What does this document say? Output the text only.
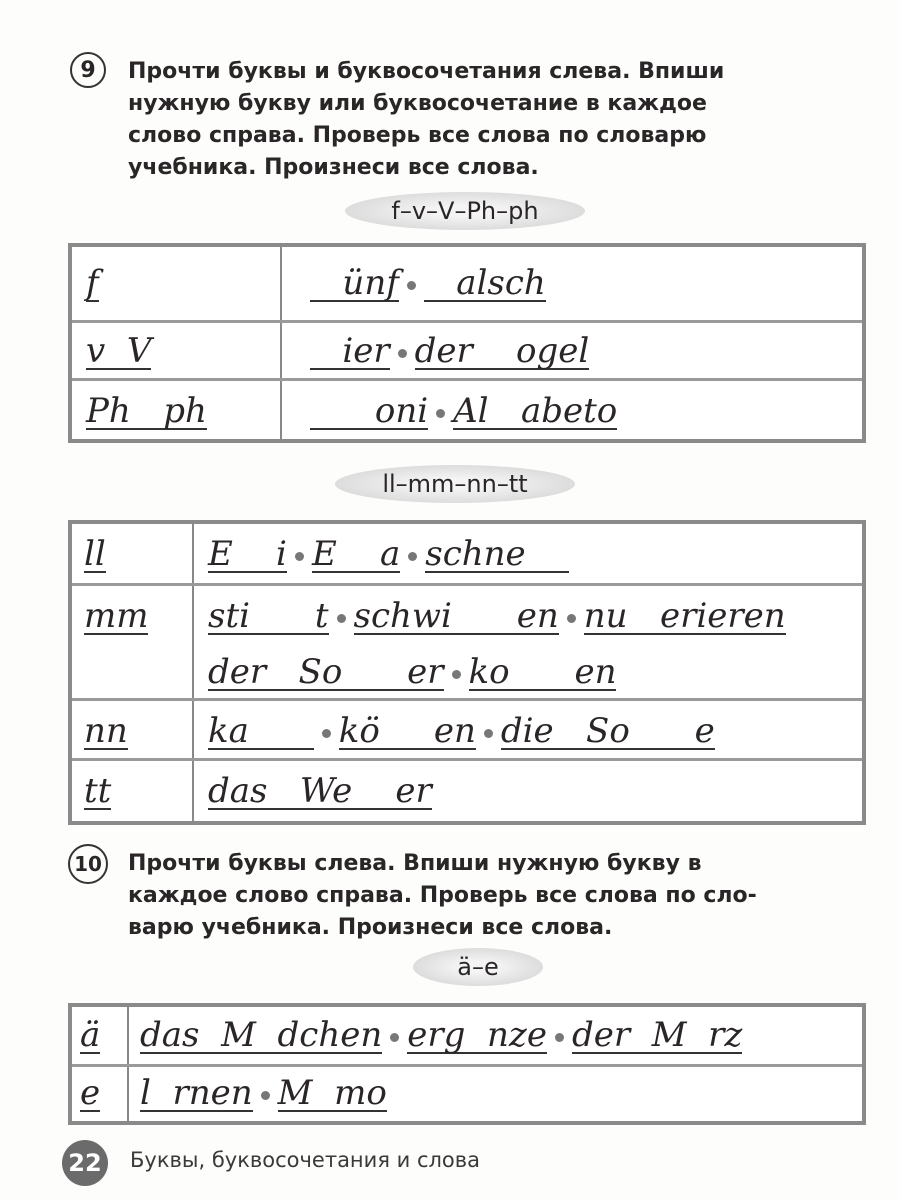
9	Прочти буквы и буквосочетания слева. Впиши
нужную букву или буквосочетание в каждое
слово справа. Проверь все слова по словарю
учебника. Произнеси все слова.
f–v–V–Ph–ph
f	ünf   alsch
v  V	ier der    ogel
Ph   ph	oni Al   abeto
ll–mm–nn–tt
ll	E    i E    a schne
mm sti      t schwi      en nu   erieren
der   So      er ko      en
nn ka      kö     en die   So      e
tt	das   We    er
10 Прочти буквы слева. Впиши нужную букву в
каждое слово справа. Проверь все слова по сло-
варю учебника. Произнеси все слова.
ä–e
ä das  M  dchen erg  nze der  M  rz
e l  rnen M  mo
22 Буквы, буквосочетания и слова
